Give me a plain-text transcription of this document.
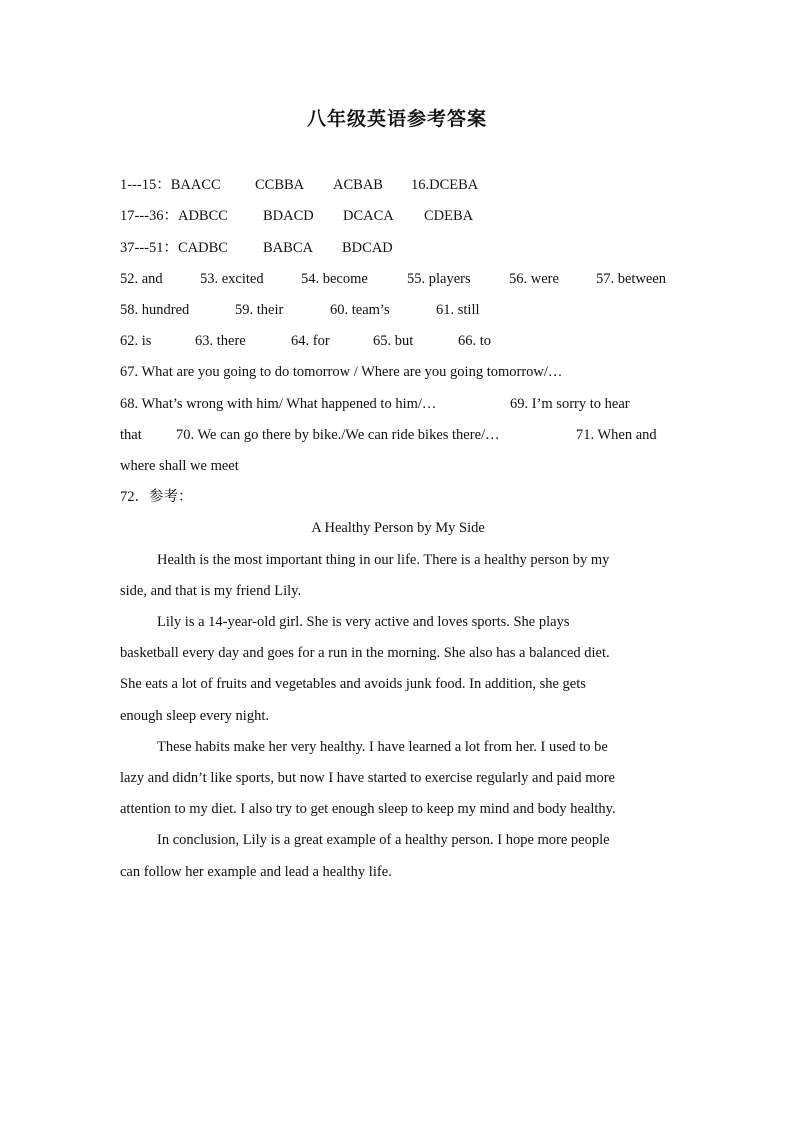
八年级英语参考答案
1---15：BAACC	CCBBA	ACBAB	16.DCEBA
17---36：ADBCC	BDACD	DCACA	CDEBA
37---51：CADBC	BABCA	BDCAD
52. and	53. excited	54. become	55. players	56. were	57. between
58. hundred	59. their	60. team’s	61. still
62. is	63. there	64. for	65. but	66. to
67. What are you going to do tomorrow / Where are you going tomorrow/…
68. What’s wrong with him/ What happened to him/…	69. I’m sorry to hear
that	70. We can go there by bike./We can ride bikes there/…	71. When and
where shall we meet
72．参考：
A Healthy Person by My Side
Health is the most important thing in our life. There is a healthy person by my
side, and that is my friend Lily.
Lily is a 14-year-old girl. She is very active and loves sports. She plays
basketball every day and goes for a run in the morning. She also has a balanced diet.
She eats a lot of fruits and vegetables and avoids junk food. In addition, she gets
enough sleep every night.
These habits make her very healthy. I have learned a lot from her. I used to be
lazy and didn’t like sports, but now I have started to exercise regularly and paid more
attention to my diet. I also try to get enough sleep to keep my mind and body healthy.
In conclusion, Lily is a great example of a healthy person. I hope more people
can follow her example and lead a healthy life.
